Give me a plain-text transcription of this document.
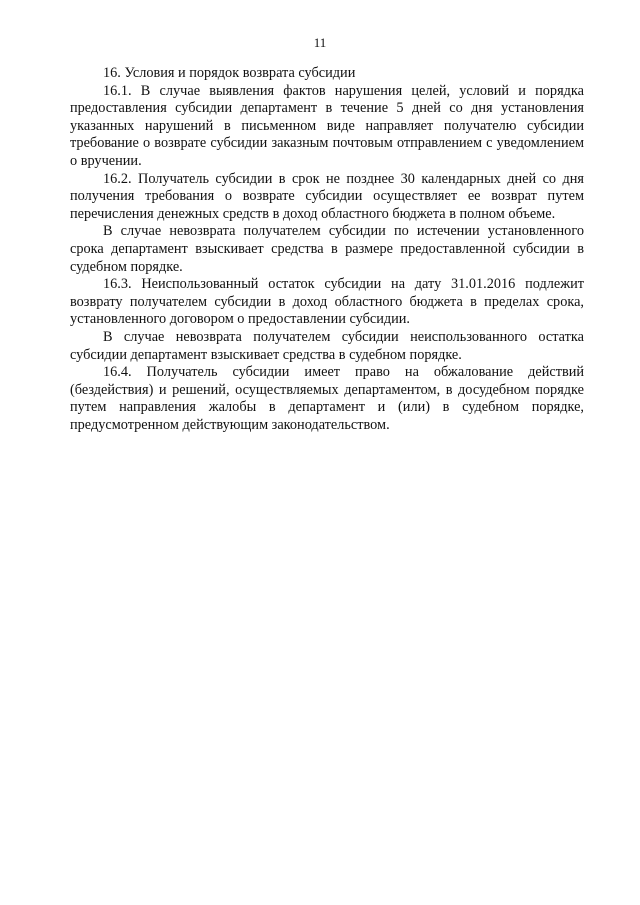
11

16. Условия и порядок возврата субсидии

16.1. В случае выявления фактов нарушения целей, условий и порядка предоставления субсидии департамент в течение 5 дней со дня установления указанных нарушений в письменном виде направляет получателю субсидии требование о возврате субсидии заказным почтовым отправлением с уведомлением о вручении.

16.2. Получатель субсидии в срок не позднее 30 календарных дней со дня получения требования о возврате субсидии осуществляет ее возврат путем перечисления денежных средств в доход областного бюджета в полном объеме.

В случае невозврата получателем субсидии по истечении установленного срока департамент взыскивает средства в размере предоставленной субсидии в судебном порядке.

16.3. Неиспользованный остаток субсидии на дату 31.01.2016 подлежит возврату получателем субсидии в доход областного бюджета в пределах срока, установленного договором о предоставлении субсидии.

В случае невозврата получателем субсидии неиспользованного остатка субсидии департамент взыскивает средства в судебном порядке.

16.4. Получатель субсидии имеет право на обжалование действий (бездействия) и решений, осуществляемых департаментом, в досудебном порядке путем направления жалобы в департамент и (или) в судебном порядке, предусмотренном действующим законодательством.
